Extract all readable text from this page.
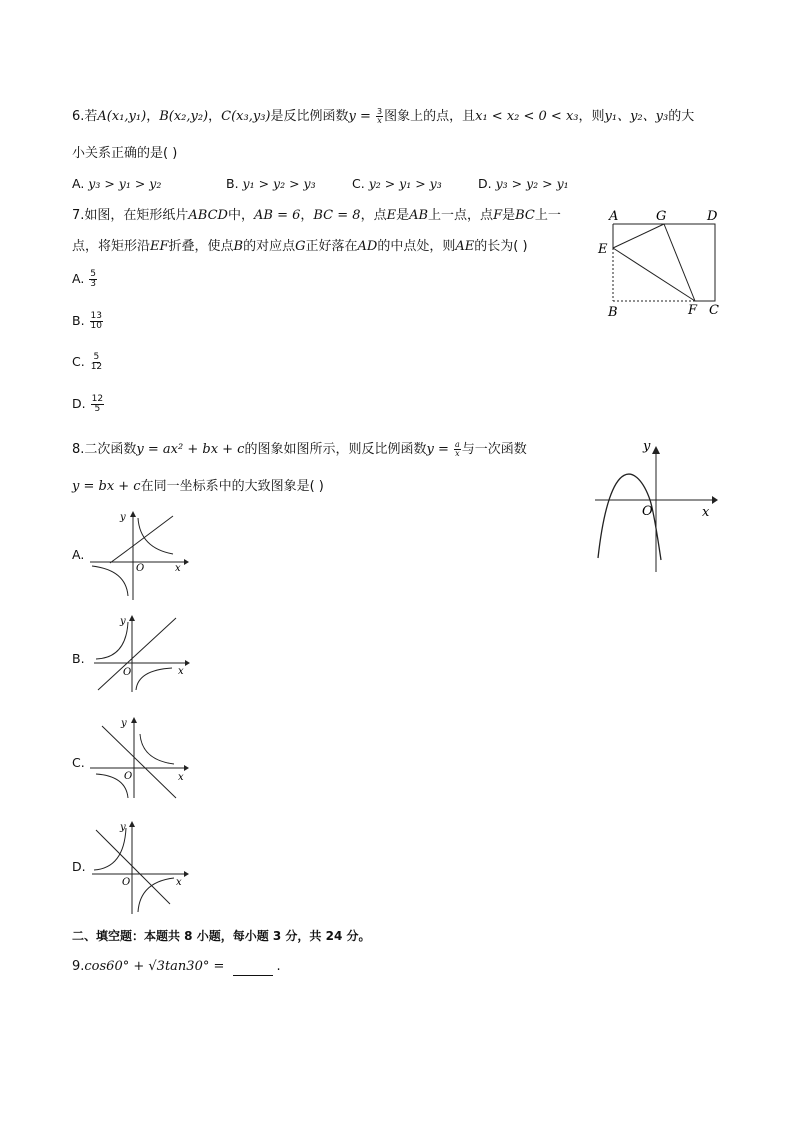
6.若A(x₁,y₁)，B(x₂,y₂)，C(x₃,y₃)是反比例函数$y = \frac{3}{x}$ 图象上的点，且x₁ < x₂ < 0 < x₃，则y₁、y₂、y₃的大
小关系正确的是( )
A. y₃ > y₁ > y₂	B. y₁ > y₂ > y₃	C. y₂ > y₁ > y₃	D. y₃ > y₂ > y₁
7.如图，在矩形纸片ABCD中，AB = 6，BC = 8，点E是AB上一点，点F是BC上一
点，将矩形沿EF折叠，使点B的对应点G正好落在AD的中点处，则AE的长为( )
A. $\frac{5}{3}$
B. $\frac{13}{10}$
C. $\frac{5}{12}$
D. $\frac{12}{5}$
A	G	D
E
B	F C
8.二次函数y = ax² + bx + c的图象如图所示，则反比例函数$y = \frac{a}{x}$ 与一次函数
y = bx + c在同一坐标系中的大致图象是( )
y
x
O
A.
y
x
O
B.
y
x
O
C.
y
x
O
D.
y
x
O
二、填空题：本题共 8 小题，每小题 3 分，共 24 分。
9.cos60° + √3tan30° =	.
